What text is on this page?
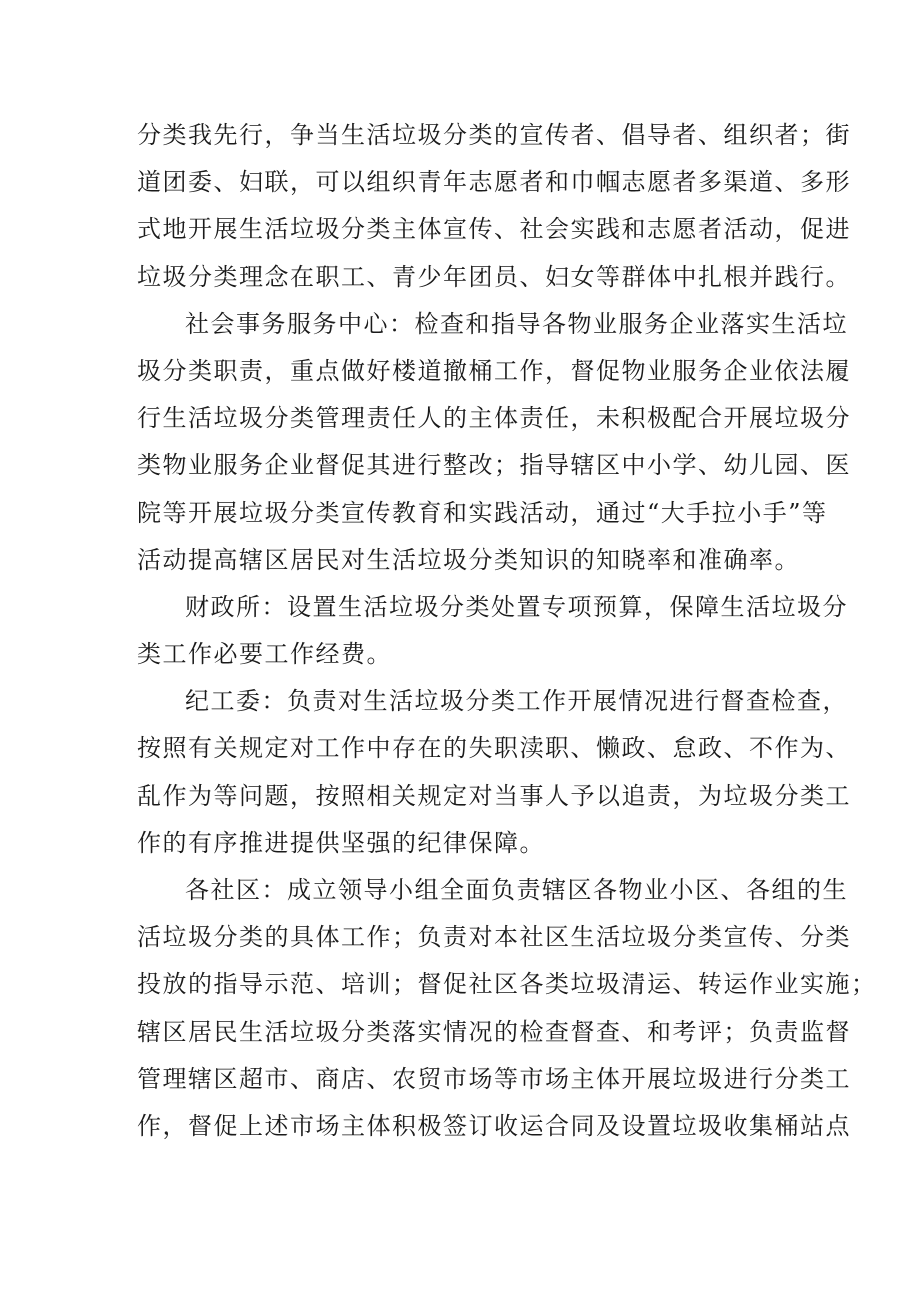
分类我先行，争当生活垃圾分类的宣传者、倡导者、组织者；街
道团委、妇联，可以组织青年志愿者和巾帼志愿者多渠道、多形
式地开展生活垃圾分类主体宣传、社会实践和志愿者活动，促进
垃圾分类理念在职工、青少年团员、妇女等群体中扎根并践行。
社会事务服务中心：检查和指导各物业服务企业落实生活垃
圾分类职责，重点做好楼道撤桶工作，督促物业服务企业依法履
行生活垃圾分类管理责任人的主体责任，未积极配合开展垃圾分
类物业服务企业督促其进行整改；指导辖区中小学、幼儿园、医
院等开展垃圾分类宣传教育和实践活动，通过“大手拉小手”等
活动提高辖区居民对生活垃圾分类知识的知晓率和准确率。
财政所：设置生活垃圾分类处置专项预算，保障生活垃圾分
类工作必要工作经费。
纪工委：负责对生活垃圾分类工作开展情况进行督查检查，
按照有关规定对工作中存在的失职渎职、懒政、怠政、不作为、
乱作为等问题，按照相关规定对当事人予以追责，为垃圾分类工
作的有序推进提供坚强的纪律保障。
各社区：成立领导小组全面负责辖区各物业小区、各组的生
活垃圾分类的具体工作；负责对本社区生活垃圾分类宣传、分类
投放的指导示范、培训；督促社区各类垃圾清运、转运作业实施；
辖区居民生活垃圾分类落实情况的检查督查、和考评；负责监督
管理辖区超市、商店、农贸市场等市场主体开展垃圾进行分类工
作，督促上述市场主体积极签订收运合同及设置垃圾收集桶站点
